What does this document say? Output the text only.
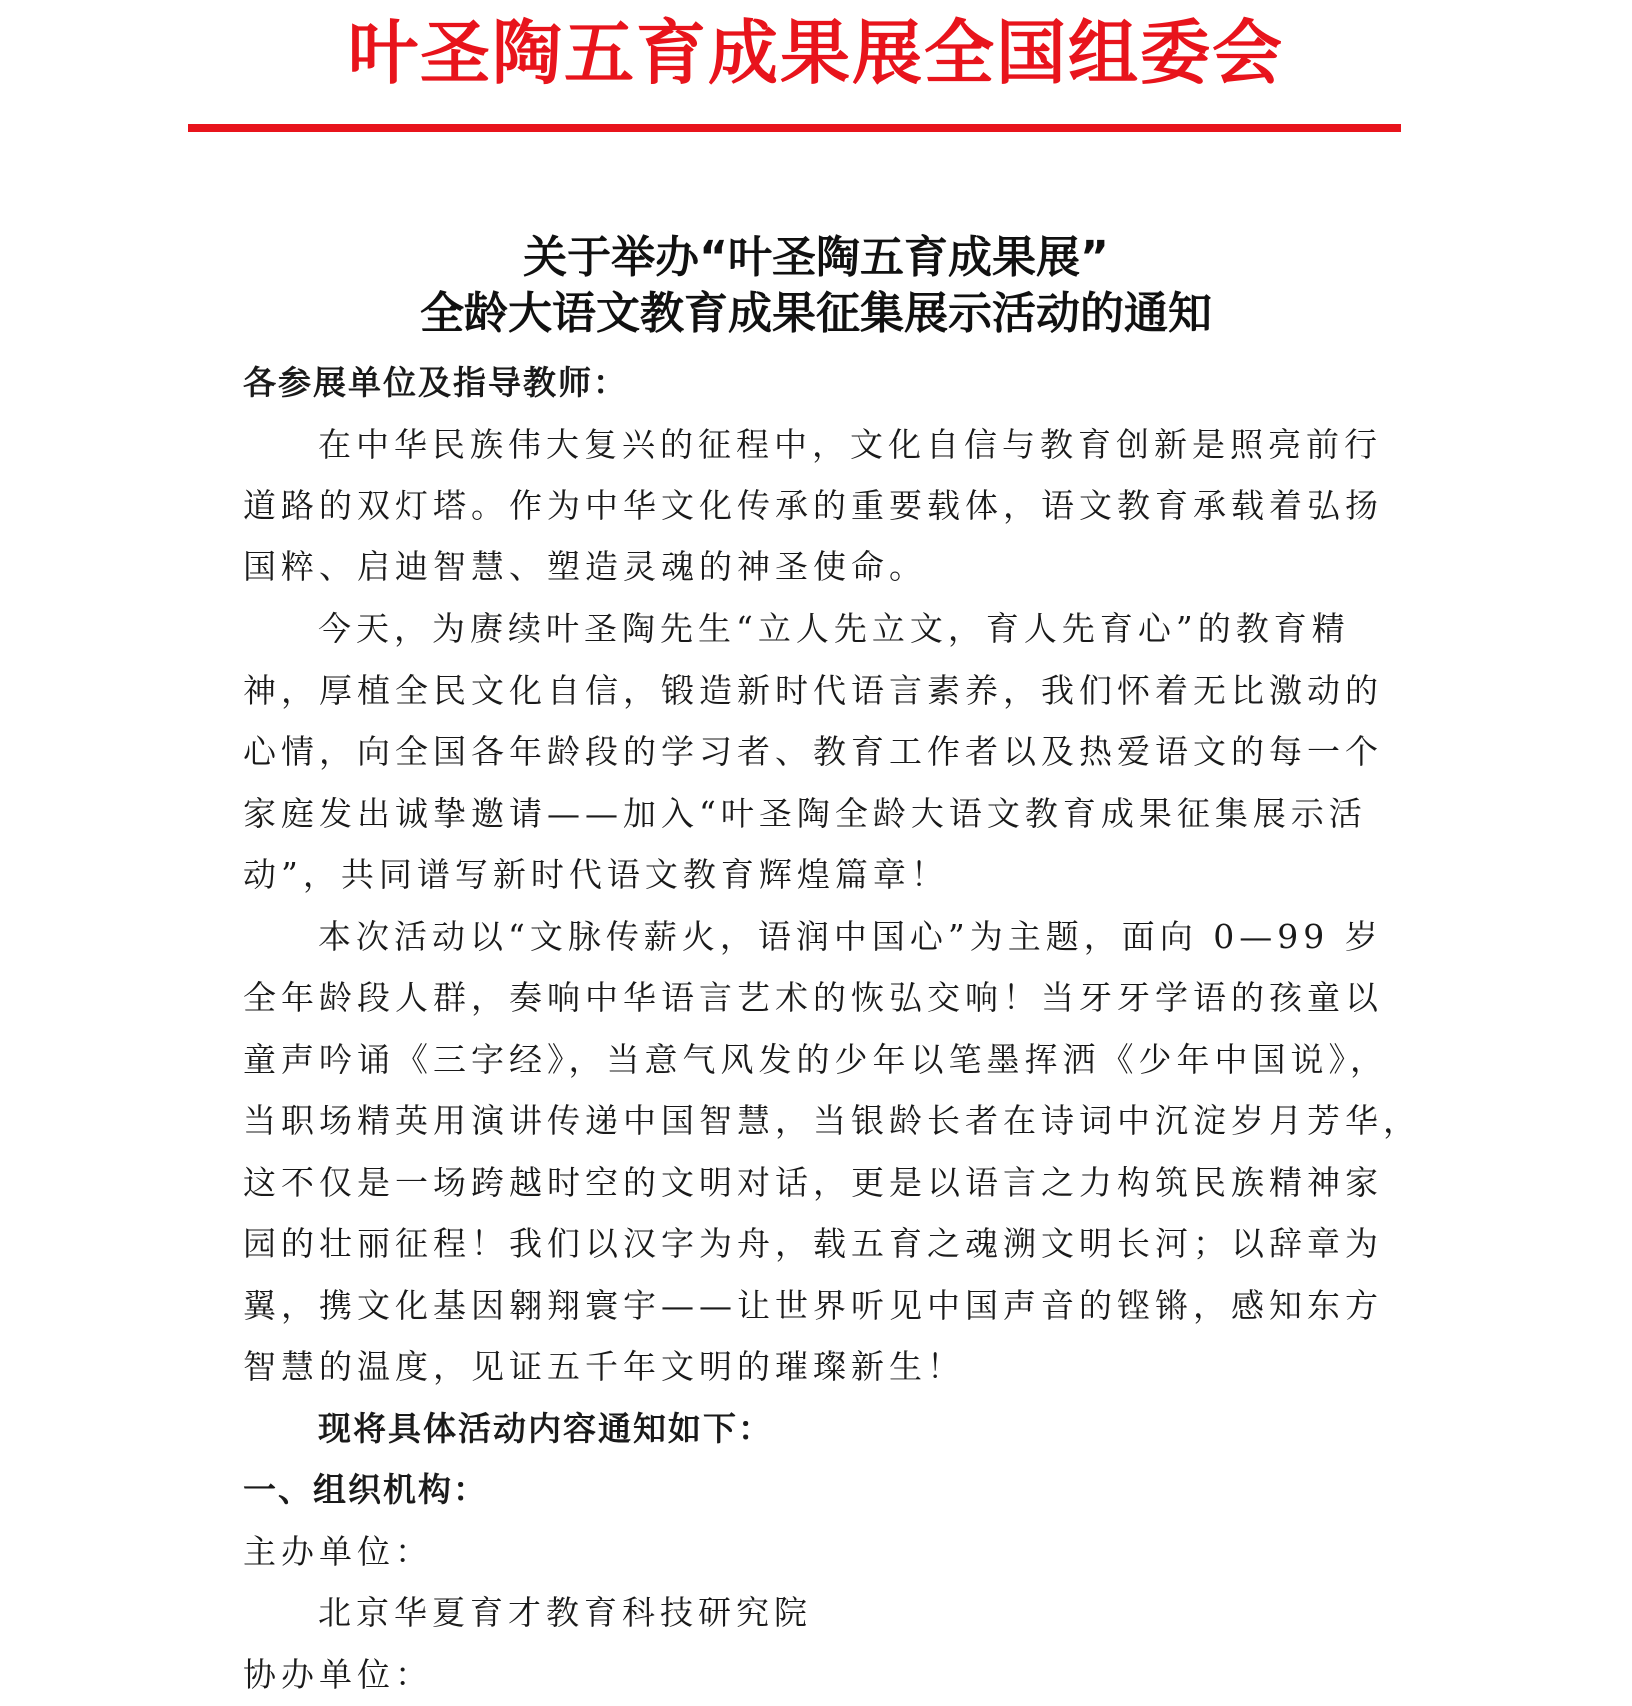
叶圣陶五育成果展全国组委会
关于举办“叶圣陶五育成果展”
全龄大语文教育成果征集展示活动的通知
各参展单位及指导教师：
在中华民族伟大复兴的征程中，文化自信与教育创新是照亮前行
道路的双灯塔。作为中华文化传承的重要载体，语文教育承载着弘扬
国粹、启迪智慧、塑造灵魂的神圣使命。
今天，为赓续叶圣陶先生“立人先立文，育人先育心”的教育精
神，厚植全民文化自信，锻造新时代语言素养，我们怀着无比激动的
心情，向全国各年龄段的学习者、教育工作者以及热爱语文的每一个
家庭发出诚挚邀请——加入“叶圣陶全龄大语文教育成果征集展示活
动”，共同谱写新时代语文教育辉煌篇章！
本次活动以“文脉传薪火，语润中国心”为主题，面向 0—99 岁
全年龄段人群，奏响中华语言艺术的恢弘交响！当牙牙学语的孩童以
童声吟诵《三字经》，当意气风发的少年以笔墨挥洒《少年中国说》，
当职场精英用演讲传递中国智慧，当银龄长者在诗词中沉淀岁月芳华，
这不仅是一场跨越时空的文明对话，更是以语言之力构筑民族精神家
园的壮丽征程！我们以汉字为舟，载五育之魂溯文明长河；以辞章为
翼，携文化基因翱翔寰宇——让世界听见中国声音的铿锵，感知东方
智慧的温度，见证五千年文明的璀璨新生！
现将具体活动内容通知如下：
一、组织机构：
主办单位：
北京华夏育才教育科技研究院
协办单位：
